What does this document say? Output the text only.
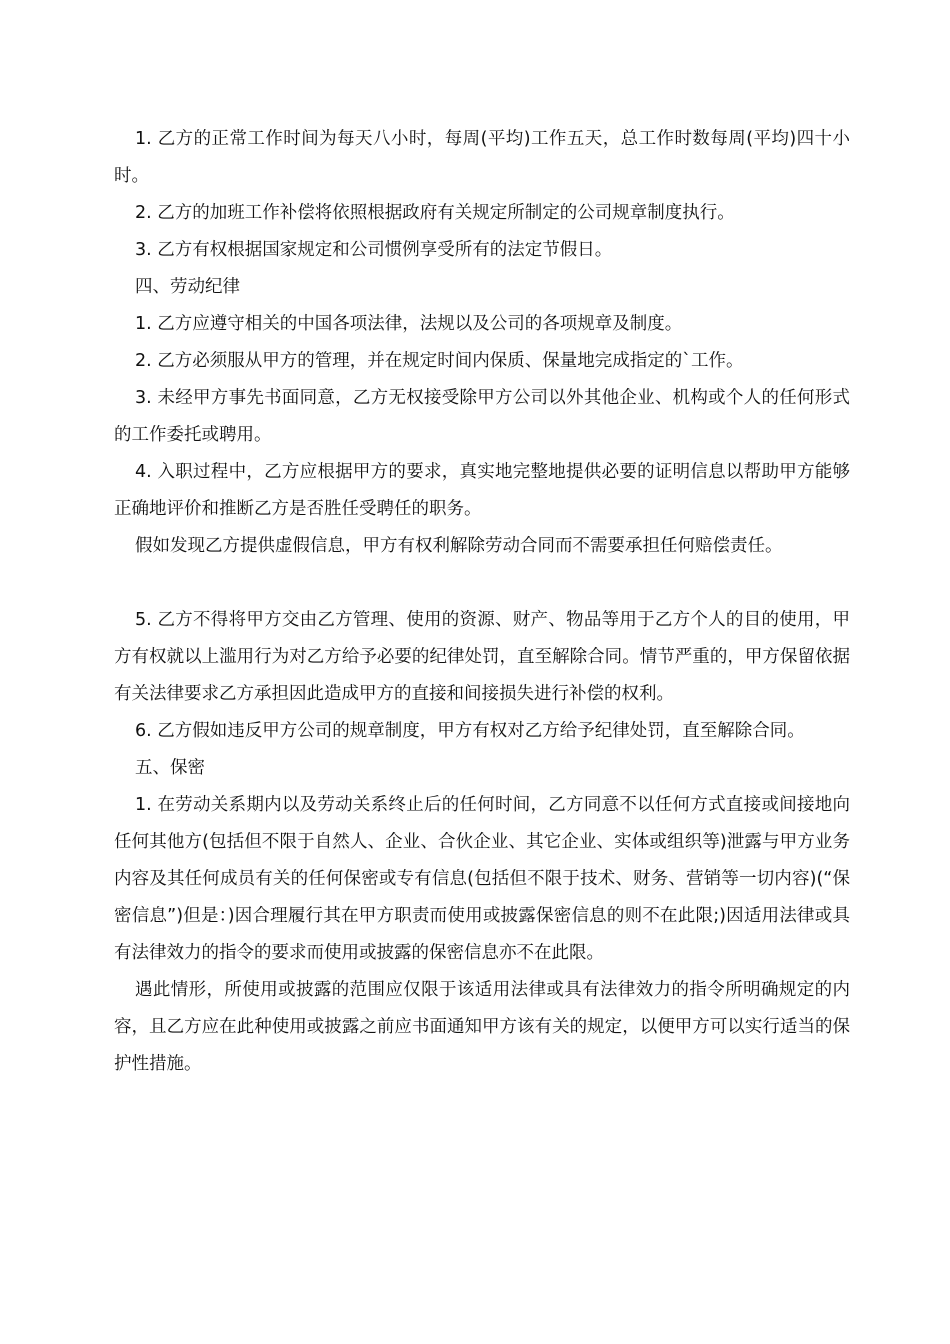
1. 乙方的正常工作时间为每天八小时，每周(平均)工作五天，总工作时数每周(平均)四十小时。

2. 乙方的加班工作补偿将依照根据政府有关规定所制定的公司规章制度执行。

3. 乙方有权根据国家规定和公司惯例享受所有的法定节假日。

四、劳动纪律

1. 乙方应遵守相关的中国各项法律，法规以及公司的各项规章及制度。

2. 乙方必须服从甲方的管理，并在规定时间内保质、保量地完成指定的`工作。

3. 未经甲方事先书面同意，乙方无权接受除甲方公司以外其他企业、机构或个人的任何形式的工作委托或聘用。

4. 入职过程中，乙方应根据甲方的要求，真实地完整地提供必要的证明信息以帮助甲方能够正确地评价和推断乙方是否胜任受聘任的职务。

假如发现乙方提供虚假信息，甲方有权利解除劳动合同而不需要承担任何赔偿责任。

5. 乙方不得将甲方交由乙方管理、使用的资源、财产、物品等用于乙方个人的目的使用，甲方有权就以上滥用行为对乙方给予必要的纪律处罚，直至解除合同。情节严重的，甲方保留依据有关法律要求乙方承担因此造成甲方的直接和间接损失进行补偿的权利。

6. 乙方假如违反甲方公司的规章制度，甲方有权对乙方给予纪律处罚，直至解除合同。

五、保密

1. 在劳动关系期内以及劳动关系终止后的任何时间，乙方同意不以任何方式直接或间接地向任何其他方(包括但不限于自然人、企业、合伙企业、其它企业、实体或组织等)泄露与甲方业务内容及其任何成员有关的任何保密或专有信息(包括但不限于技术、财务、营销等一切内容)(“保密信息”)但是：)因合理履行其在甲方职责而使用或披露保密信息的则不在此限;)因适用法律或具有法律效力的指令的要求而使用或披露的保密信息亦不在此限。

遇此情形，所使用或披露的范围应仅限于该适用法律或具有法律效力的指令所明确规定的内容，且乙方应在此种使用或披露之前应书面通知甲方该有关的规定，以便甲方可以实行适当的保护性措施。
